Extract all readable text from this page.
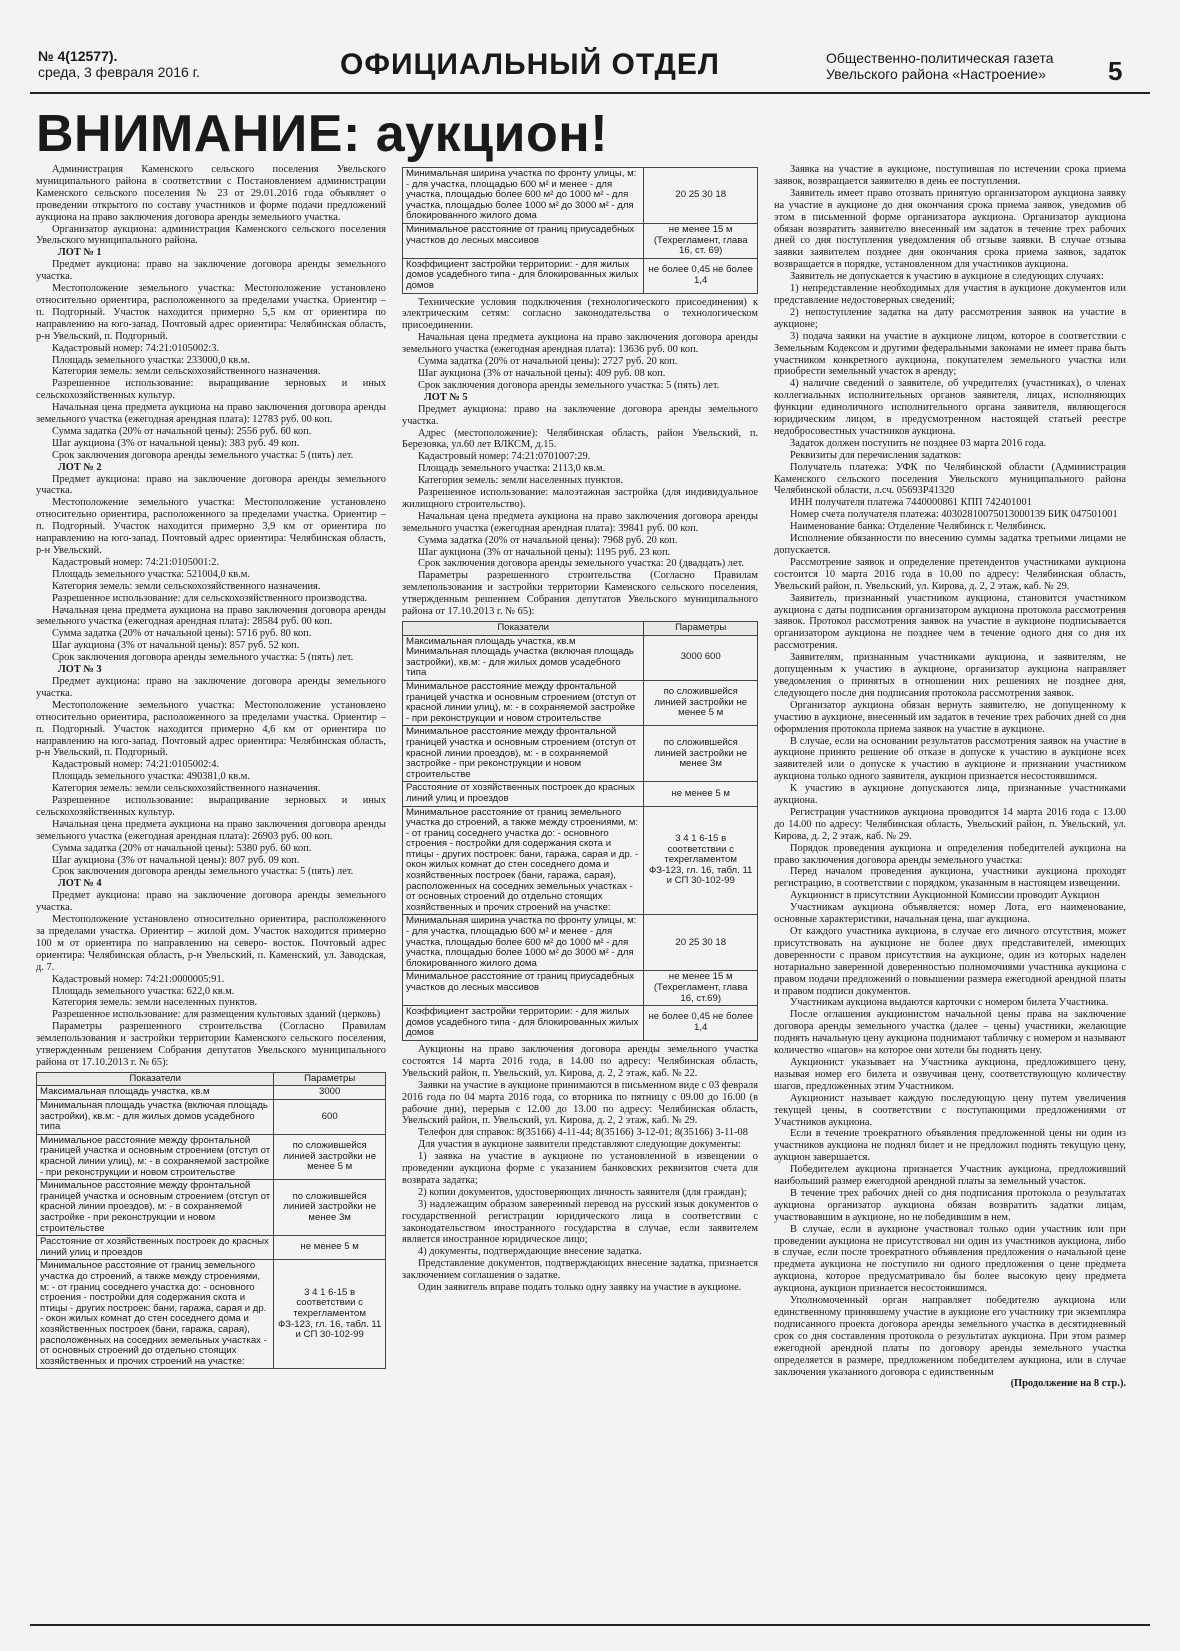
№ 4(12577).
среда, 3 февраля 2016 г.	ОФИЦИАЛЬНЫЙ ОТДЕЛ	Общественно-политическая газета
Увельского района «Настроение»	5
ВНИМАНИЕ: аукцион!

Администрация Каменского сельского поселения Увельского муниципального района в соответствии с Постановлением администрации Каменского сельского поселения № 23 от 29.01.2016 года объявляет о проведении открытого по составу участников и форме подачи предложений аукциона на право заключения договора аренды земельного участка.

Организатор аукциона: администрация Каменского сельского поселения Увельского муниципального района.

ЛОТ № 1

Предмет аукциона: право на заключение договора аренды земельного участка.

Местоположение земельного участка: Местоположение установлено относительно ориентира, расположенного за пределами участка. Ориентир – п. Подгорный. Участок находится примерно 5,5 км от ориентира по направлению на юго-запад. Почтовый адрес ориентира: Челябинская область, р-н Увельский, п. Подгорный.

Кадастровый номер: 74:21:0105002:3.

Площадь земельного участка: 233000,0 кв.м.

Категория земель: земли сельскохозяйственного назначения.

Разрешенное использование: выращивание зерновых и иных сельскохозяйственных культур.

Начальная цена предмета аукциона на право заключения договора аренды земельного участка (ежегодная арендная плата): 12783 руб. 00 коп.

Сумма задатка (20% от начальной цены): 2556 руб. 60 коп.

Шаг аукциона (3% от начальной цены): 383 руб. 49 коп.

Срок заключения договора аренды земельного участка: 5 (пять) лет.

ЛОТ № 2

Предмет аукциона: право на заключение договора аренды земельного участка.

Местоположение земельного участка: Местоположение установлено относительно ориентира, расположенного за пределами участка. Ориентир – п. Подгорный. Участок находится примерно 3,9 км от ориентира по направлению на юго-запад. Почтовый адрес ориентира: Челябинская область, р-н Увельский.

Кадастровый номер: 74:21:0105001:2.

Площадь земельного участка: 521004,0 кв.м.

Категория земель: земли сельскохозяйственного назначения.

Разрешенное использование: для сельскохозяйственного производства.

Начальная цена предмета аукциона на право заключения договора аренды земельного участка (ежегодная арендная плата): 28584 руб. 00 коп.

Сумма задатка (20% от начальной цены): 5716 руб. 80 коп.

Шаг аукциона (3% от начальной цены): 857 руб. 52 коп.

Срок заключения договора аренды земельного участка: 5 (пять) лет.

ЛОТ № 3

Предмет аукциона: право на заключение договора аренды земельного участка.

Местоположение земельного участка: Местоположение установлено относительно ориентира, расположенного за пределами участка. Ориентир – п. Подгорный. Участок находится примерно 4,6 км от ориентира по направлению на юго-запад. Почтовый адрес ориентира: Челябинская область, р-н Увельский, п. Подгорный.

Кадастровый номер: 74:21:0105002:4.

Площадь земельного участка: 490381,0 кв.м.

Категория земель: земли сельскохозяйственного назначения.

Разрешенное использование: выращивание зерновых и иных сельскохозяйственных культур.

Начальная цена предмета аукциона на право заключения договора аренды земельного участка (ежегодная арендная плата): 26903 руб. 00 коп.

Сумма задатка (20% от начальной цены): 5380 руб. 60 коп.

Шаг аукциона (3% от начальной цены): 807 руб. 09 коп.

Срок заключения договора аренды земельного участка: 5 (пять) лет.

ЛОТ № 4

Предмет аукциона: право на заключение договора аренды земельного участка.

Местоположение установлено относительно ориентира, расположенного за пределами участка. Ориентир – жилой дом. Участок находится примерно 100 м от ориентира по направлению на северо- восток. Почтовый адрес ориентира: Челябинская область, р-н Увельский, п. Каменский, ул. Заводская, д. 7.

Кадастровый номер: 74:21:0000005:91.

Площадь земельного участка: 622,0 кв.м.

Категория земель: земли населенных пунктов.

Разрешенное использование: для размещения культовых зданий (церковь)

Параметры разрешенного строительства (Согласно Правилам землепользования и застройки территории Каменского сельского поселения, утвержденным решением Собрания депутатов Увельского муниципального района от 17.10.2013 г. № 65):

Показатели	Параметры
Максимальная площадь участка, кв.м	3000
Минимальная площадь участка (включая площадь застройки), кв.м: - для жилых домов усадебного типа	600
Минимальное расстояние между фронтальной границей участка и основным строением (отступ от красной линии улиц), м: - в сохраняемой застройке - при реконструкции и новом строительстве	по сложившейся линией застройки не менее 5 м
Минимальное расстояние между фронтальной границей участка и основным строением (отступ от красной линии проездов), м: - в сохраняемой застройке - при реконструкции и новом строительстве	по сложившейся линией застройки не менее 3м
Расстояние от хозяйственных построек до красных линий улиц и проездов	не менее 5 м
Минимальное расстояние от границ земельного участка до строений, а также между строениями, м: - от границ соседнего участка до: - основного строения - постройки для содержания скота и птицы - других построек: бани, гаража, сарая и др. - окон жилых комнат до стен соседнего дома и хозяйственных построек (бани, гаража, сарая), расположенных на соседних земельных участках - от основных строений до отдельно стоящих хозяйственных и прочих строений на участке:	3 4 1 6-15 в соответствии с техрегламентом ФЗ-123, гл. 16, табл. 11 и СП 30-102-99
Минимальная ширина участка по фронту улицы, м: - для участка, площадью 600 м² и менее - для участка, площадью более 600 м² до 1000 м² - для участка, площадью более 1000 м² до 3000 м² - для блокированного жилого дома	20 25 30 18
Минимальное расстояние от границ приусадебных участков до лесных массивов	не менее 15 м (Техрегламент, глава 16, ст. 69)
Коэффициент застройки территории: - для жилых домов усадебного типа - для блокированных жилых домов	не более 0,45 не более 1,4

Технические условия подключения (технологического присоединения) к электрическим сетям: согласно законодательства о технологическом присоединении.

Начальная цена предмета аукциона на право заключения договора аренды земельного участка (ежегодная арендная плата): 13636 руб. 00 коп.

Сумма задатка (20% от начальной цены): 2727 руб. 20 коп.

Шаг аукциона (3% от начальной цены): 409 руб. 08 коп.

Срок заключения договора аренды земельного участка: 5 (пять) лет.

ЛОТ № 5

Предмет аукциона: право на заключение договора аренды земельного участка.

Адрес (местоположение): Челябинская область, район Увельский, п. Березовка, ул.60 лет ВЛКСМ, д.15.

Кадастровый номер: 74:21:0701007:29.

Площадь земельного участка: 2113,0 кв.м.

Категория земель: земли населенных пунктов.

Разрешенное использование: малоэтажная застройка (для индивидуальное жилищного строительство).

Начальная цена предмета аукциона на право заключения договора аренды земельного участка (ежегодная арендная плата): 39841 руб. 00 коп.

Сумма задатка (20% от начальной цены): 7968 руб. 20 коп.

Шаг аукциона (3% от начальной цены): 1195 руб. 23 коп.

Срок заключения договора аренды земельного участка: 20 (двадцать) лет.

Параметры разрешенного строительства (Согласно Правилам землепользования и застройки территории Каменского сельского поселения, утвержденным решением Собрания депутатов Увельского муниципального района от 17.10.2013 г. № 65):

Показатели	Параметры
Максимальная площадь участка, кв.м Минимальная площадь участка (включая площадь застройки), кв.м: - для жилых домов усадебного типа	3000 600
Минимальное расстояние между фронтальной границей участка и основным строением (отступ от красной линии улиц), м: - в сохраняемой застройке - при реконструкции и новом строительстве	по сложившейся линией застройки не менее 5 м
Минимальное расстояние между фронтальной границей участка и основным строением (отступ от красной линии проездов), м: - в сохраняемой застройке - при реконструкции и новом строительстве	по сложившейся линией застройки не менее 3м
Расстояние от хозяйственных построек до красных линий улиц и проездов	не менее 5 м
Минимальное расстояние от границ земельного участка до строений, а также между строениями, м: - от границ соседнего участка до: - основного строения - постройки для содержания скота и птицы - других построек: бани, гаража, сарая и др. - окон жилых комнат до стен соседнего дома и хозяйственных построек (бани, гаража, сарая), расположенных на соседних земельных участках - от основных строений до отдельно стоящих хозяйственных и прочих строений на участке:	3 4 1 6-15 в соответствии с техрегламентом ФЗ-123, гл. 16, табл. 11 и СП 30-102-99
Минимальная ширина участка по фронту улицы, м: - для участка, площадью 600 м² и менее - для участка, площадью более 600 м² до 1000 м² - для участка, площадью более 1000 м² до 3000 м² - для блокированного жилого дома	20 25 30 18
Минимальное расстояние от границ приусадебных участков до лесных массивов	не менее 15 м (Техрегламент, глава 16, ст.69)
Коэффициент застройки территории: - для жилых домов усадебного типа - для блокированных жилых домов	не более 0,45 не более 1,4

Аукционы на право заключения договора аренды земельного участка состоятся 14 марта 2016 года, в 14.00 по адресу: Челябинская область, Увельский район, п. Увельский, ул. Кирова, д. 2, 2 этаж, каб. № 22.

Заявки на участие в аукционе принимаются в письменном виде с 03 февраля 2016 года по 04 марта 2016 года, со вторника по пятницу с 09.00 до 16.00 (в рабочие дни), перерыв с 12.00 до 13.00 по адресу: Челябинская область, Увельский район, п. Увельский, ул. Кирова, д. 2, 2 этаж, каб. № 29.

Телефон для справок: 8(35166) 4-11-44; 8(35166) 3-12-01; 8(35166) 3-11-08

Для участия в аукционе заявители представляют следующие документы:

1) заявка на участие в аукционе по установленной в извещении о проведении аукциона форме с указанием банковских реквизитов счета для возврата задатка;

2) копии документов, удостоверяющих личность заявителя (для граждан);

3) надлежащим образом заверенный перевод на русский язык документов о государственной регистрации юридического лица в соответствии с законодательством иностранного государства в случае, если заявителем является иностранное юридическое лицо;

4) документы, подтверждающие внесение задатка.

Представление документов, подтверждающих внесение задатка, признается заключением соглашения о задатке.

Один заявитель вправе подать только одну заявку на участие в аукционе.

Заявка на участие в аукционе, поступившая по истечении срока приема заявок, возвращается заявителю в день ее поступления.

Заявитель имеет право отозвать принятую организатором аукциона заявку на участие в аукционе до дня окончания срока приема заявок, уведомив об этом в письменной форме организатора аукциона. Организатор аукциона обязан возвратить заявителю внесенный им задаток в течение трех рабочих дней со дня поступления уведомления об отзыве заявки. В случае отзыва заявки заявителем позднее дня окончания срока приема заявок, задаток возвращается в порядке, установленном для участников аукциона.

Заявитель не допускается к участию в аукционе в следующих случаях:

1) непредставление необходимых для участия в аукционе документов или представление недостоверных сведений;

2) непоступление задатка на дату рассмотрения заявок на участие в аукционе;

3) подача заявки на участие в аукционе лицом, которое в соответствии с Земельным Кодексом и другими федеральными законами не имеет права быть участником конкретного аукциона, покупателем земельного участка или приобрести земельный участок в аренду;

4) наличие сведений о заявителе, об учредителях (участниках), о членах коллегиальных исполнительных органов заявителя, лицах, исполняющих функции единоличного исполнительного органа заявителя, являющегося юридическим лицом, в предусмотренном настоящей статьей реестре недобросовестных участников аукциона.

Задаток должен поступить не позднее 03 марта 2016 года.

Реквизиты для перечисления задатков:

Получатель платежа: УФК по Челябинской области (Администрация Каменского сельского поселения Увельского муниципального района Челябинской области, л.сч. 05693Р41320

ИНН получателя платежа 7440000861 КПП 742401001

Номер счета получателя платежа: 40302810075013000139 БИК 047501001

Наименование банка: Отделение Челябинск г. Челябинск.

Исполнение обязанности по внесению суммы задатка третьими лицами не допускается.

Рассмотрение заявок и определение претендентов участниками аукциона состоится 10 марта 2016 года в 10.00 по адресу: Челябинская область, Увельский район, п. Увельский, ул. Кирова, д. 2, 2 этаж, каб. № 29.

Заявитель, признанный участником аукциона, становится участником аукциона с даты подписания организатором аукциона протокола рассмотрения заявок. Протокол рассмотрения заявок на участие в аукционе подписывается организатором аукциона не позднее чем в течение одного дня со дня их рассмотрения.

Заявителям, признанным участниками аукциона, и заявителям, не допущенным к участию в аукционе, организатор аукциона направляет уведомления о принятых в отношении них решениях не позднее дня, следующего после дня подписания протокола рассмотрения заявок.

Организатор аукциона обязан вернуть заявителю, не допущенному к участию в аукционе, внесенный им задаток в течение трех рабочих дней со дня оформления протокола приема заявок на участие в аукционе.

В случае, если на основании результатов рассмотрения заявок на участие в аукционе принято решение об отказе в допуске к участию в аукционе всех заявителей или о допуске к участию в аукционе и признании участником аукциона только одного заявителя, аукцион признается несостоявшимся.

К участию в аукционе допускаются лица, признанные участниками аукциона.

Регистрация участников аукциона проводится 14 марта 2016 года с 13.00 до 14.00 по адресу: Челябинская область, Увельский район, п. Увельский, ул. Кирова, д. 2, 2 этаж, каб. № 29.

Порядок проведения аукциона и определения победителей аукциона на право заключения договора аренды земельного участка:

Перед началом проведения аукциона, участники аукциона проходят регистрацию, в соответствии с порядком, указанным в настоящем извещении.

Аукционист в присутствии Аукционной Комиссии проводит Аукцион

Участникам аукциона объявляется: номер Лота, его наименование, основные характеристики, начальная цена, шаг аукциона.

От каждого участника аукциона, в случае его личного отсутствия, может присутствовать на аукционе не более двух представителей, имеющих доверенности с правом присутствия на аукционе, один из которых наделен нотариально заверенной доверенностью полномочиями участника аукциона с правом подачи предложений о повышении размера ежегодной арендной платы и правом подписи документов.

Участникам аукциона выдаются карточки с номером билета Участника.

После оглашения аукционистом начальной цены права на заключение договора аренды земельного участка (далее – цены) участники, желающие поднять начальную цену аукциона поднимают табличку с номером и называют количество «шагов» на которое они хотели бы поднять цену.

Аукционист указывает на Участника аукциона, предложившего цену, называя номер его билета и озвучивая цену, соответствующую количеству шагов, предложенных этим Участником.

Аукционист называет каждую последующую цену путем увеличения текущей цены, в соответствии с поступающими предложениями от Участников аукциона.

Если в течение троекратного объявления предложенной цены ни один из участников аукциона не поднял билет и не предложил поднять текущую цену, аукцион завершается.

Победителем аукциона признается Участник аукциона, предложивший наибольший размер ежегодной арендной платы за земельный участок.

В течение трех рабочих дней со дня подписания протокола о результатах аукциона организатор аукциона обязан возвратить задатки лицам, участвовавшим в аукционе, но не победившим в нем.

В случае, если в аукционе участвовал только один участник или при проведении аукциона не присутствовал ни один из участников аукциона, либо в случае, если после троекратного объявления предложения о начальной цене предмета аукциона не поступило ни одного предложения о цене предмета аукциона, которое предусматривало бы более высокую цену предмета аукциона, аукцион признается несостоявшимся.

Уполномоченный орган направляет победителю аукциона или единственному принявшему участие в аукционе его участнику три экземпляра подписанного проекта договора аренды земельного участка в десятидневный срок со дня составления протокола о результатах аукциона. При этом размер ежегодной арендной платы по договору аренды земельного участка определяется в размере, предложенном победителем аукциона, или в случае заключения указанного договора с единственным

(Продолжение на 8 стр.).
